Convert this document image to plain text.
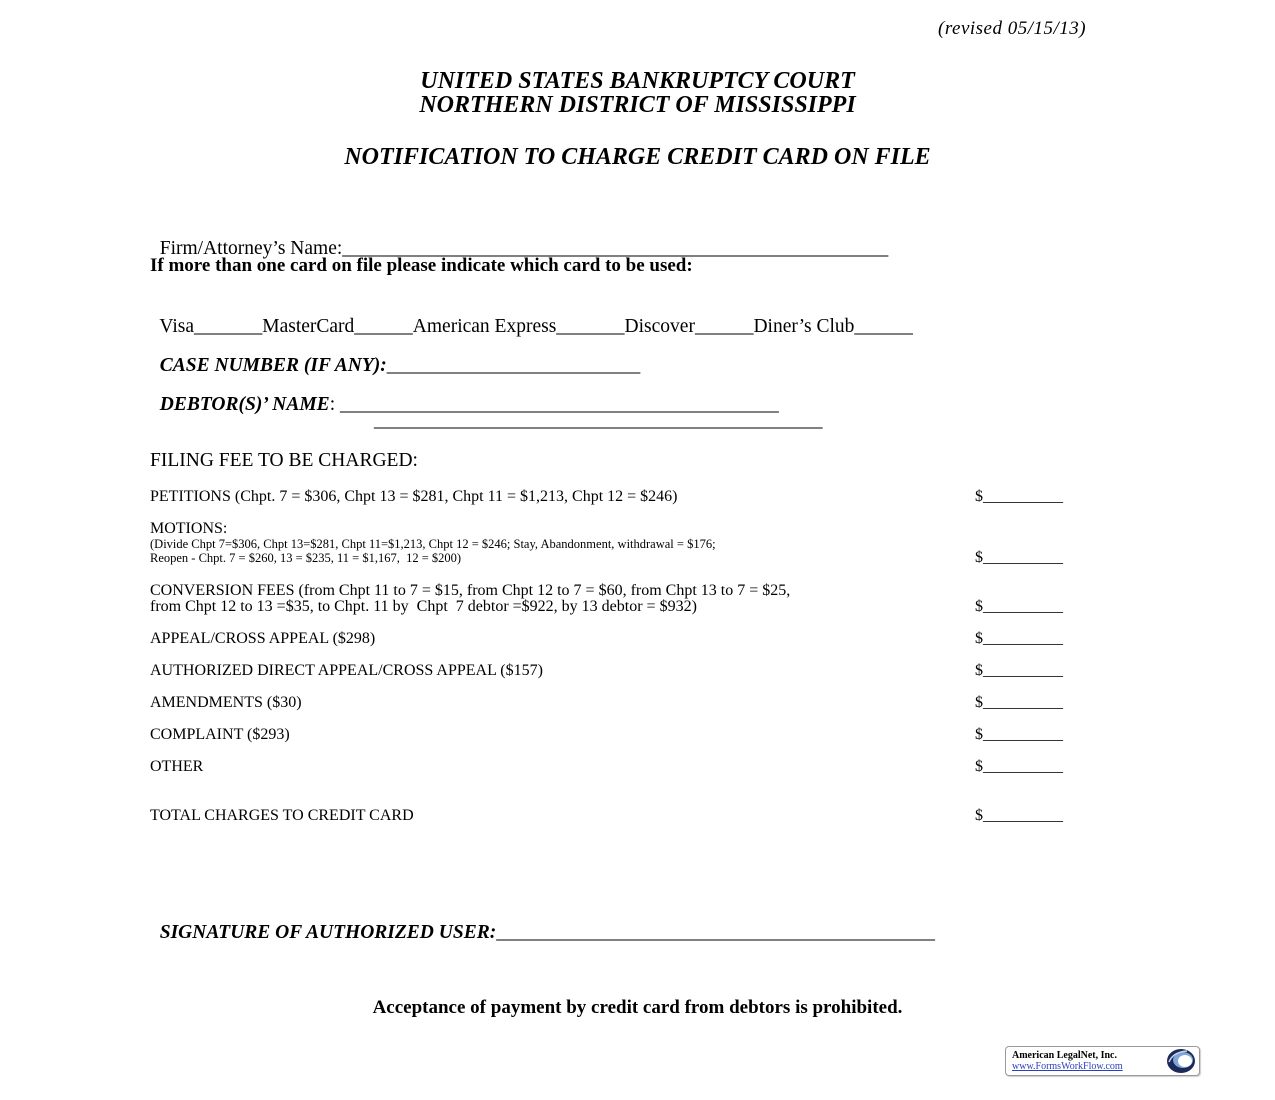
(revised 05/15/13)
UNITED STATES BANKRUPTCY COURT
NORTHERN DISTRICT OF MISSISSIPPI
NOTIFICATION TO CHARGE CREDIT CARD ON FILE

Firm/Attorney’s Name:________________________________________________________

If more than one card on file please indicate which card to be used:

Visa_______MasterCard______American Express_______Discover______Diner’s Club______

CASE NUMBER (IF ANY):__________________________

DEBTOR(S)’ NAME: _____________________________________________

______________________________________________
FILING FEE TO BE CHARGED:
PETITIONS (Chpt. 7 = $306, Chpt 13 = $281, Chpt 11 = $1,213, Chpt 12 = $246)	$__________
MOTIONS:
(Divide Chpt 7=$306, Chpt 13=$281, Chpt 11=$1,213, Chpt 12 = $246; Stay, Abandonment, withdrawal = $176;
Reopen - Chpt. 7 = $260, 13 = $235, 11 = $1,167,  12 = $200)	$__________
CONVERSION FEES (from Chpt 11 to 7 = $15, from Chpt 12 to 7 = $60, from Chpt 13 to 7 = $25,
from Chpt 12 to 13 =$35, to Chpt. 11 by  Chpt  7 debtor =$922, by 13 debtor = $932)	$__________
APPEAL/CROSS APPEAL ($298)	$__________
AUTHORIZED DIRECT APPEAL/CROSS APPEAL ($157)	$__________
AMENDMENTS ($30)	$__________
COMPLAINT ($293)	$__________
OTHER	$__________
TOTAL CHARGES TO CREDIT CARD	$__________

SIGNATURE OF AUTHORIZED USER:_____________________________________________

Acceptance of payment by credit card from debtors is prohibited.
American LegalNet, Inc.
www.FormsWorkFlow.com
